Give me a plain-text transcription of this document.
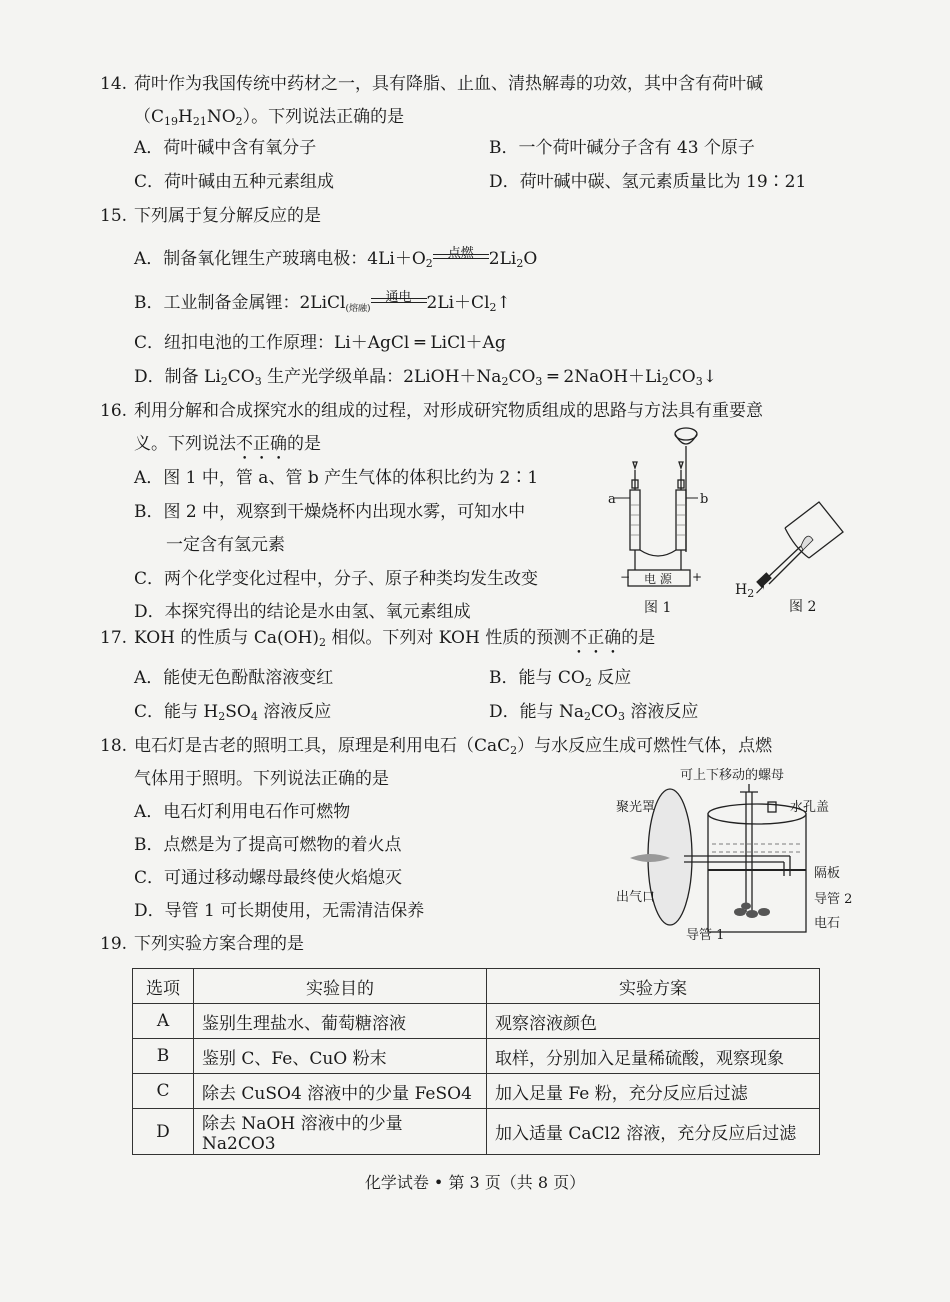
14. 荷叶作为我国传统中药材之一，具有降脂、止血、清热解毒的功效，其中含有荷叶碱
$(C_{19}H_{21}NO_2)$。下列说法正确的是
A．荷叶碱中含有氧分子	B．一个荷叶碱分子含有 43 个原子
C．荷叶碱由五种元素组成	D．荷叶碱中碳、氢元素质量比为 19∶21
15. 下列属于复分解反应的是
A．制备氧化锂生产玻璃电极：$4Li+O_2$
点燃 $2Li_2O$
B．工业制备金属锂：2LiCl$_{(熔融)}$
通电 $2Li+Cl_2↑$
C．纽扣电池的工作原理：Li＋AgCl ═ LiCl＋Ag
D．制备 $Li_2CO_3$ 生产光学级单晶：$2LiOH+Na_2CO_3$ ═ $2NaOH+Li_2CO_3↓$
16. 利用分解和合成探究水的组成的过程，对形成研究物质组成的思路与方法具有重要意
义。下列说法不正确的是
A．图 1 中，管 a、管 b 产生气体的体积比约为 2∶1
B．图 2 中，观察到干燥烧杯内出现水雾，可知水中
一定含有氢元素
C．两个化学变化过程中，分子、原子种类均发生改变
D．本探究得出的结论是水由氢、氧元素组成
a	b
电 源
−	+
图 1
$H_2↗$
图 2
17. KOH 的性质与 $Ca(OH)_2$ 相似。下列对 KOH 性质的预测不正确的是
A．能使无色酚酞溶液变红	B．能与 $CO_2$ 反应
C．能与 $H_2SO_4$ 溶液反应	D．能与 $Na_2CO_3$ 溶液反应
18. 电石灯是古老的照明工具，原理是利用电石（CaC$_2$）与水反应生成可燃性气体，点燃
气体用于照明。下列说法正确的是
A．电石灯利用电石作可燃物
B．点燃是为了提高可燃物的着火点
C．可通过移动螺母最终使火焰熄灭
D．导管 1 可长期使用，无需清洁保养
可上下移动的螺母
聚光罩	水孔盖
隔板
出气口	导管 2
电石
导管 1
19. 下列实验方案合理的是
选项	实验目的	实验方案
A	鉴别生理盐水、葡萄糖溶液	观察溶液颜色
B	鉴别 C、Fe、CuO 粉末	取样，分别加入足量稀硫酸，观察现象
C	除去 CuSO4 溶液中的少量 FeSO4	加入足量 Fe 粉，充分反应后过滤
D	除去 NaOH 溶液中的少量 Na2CO3	加入适量 CaCl2 溶液，充分反应后过滤
化学试卷 • 第 3 页（共 8 页）
